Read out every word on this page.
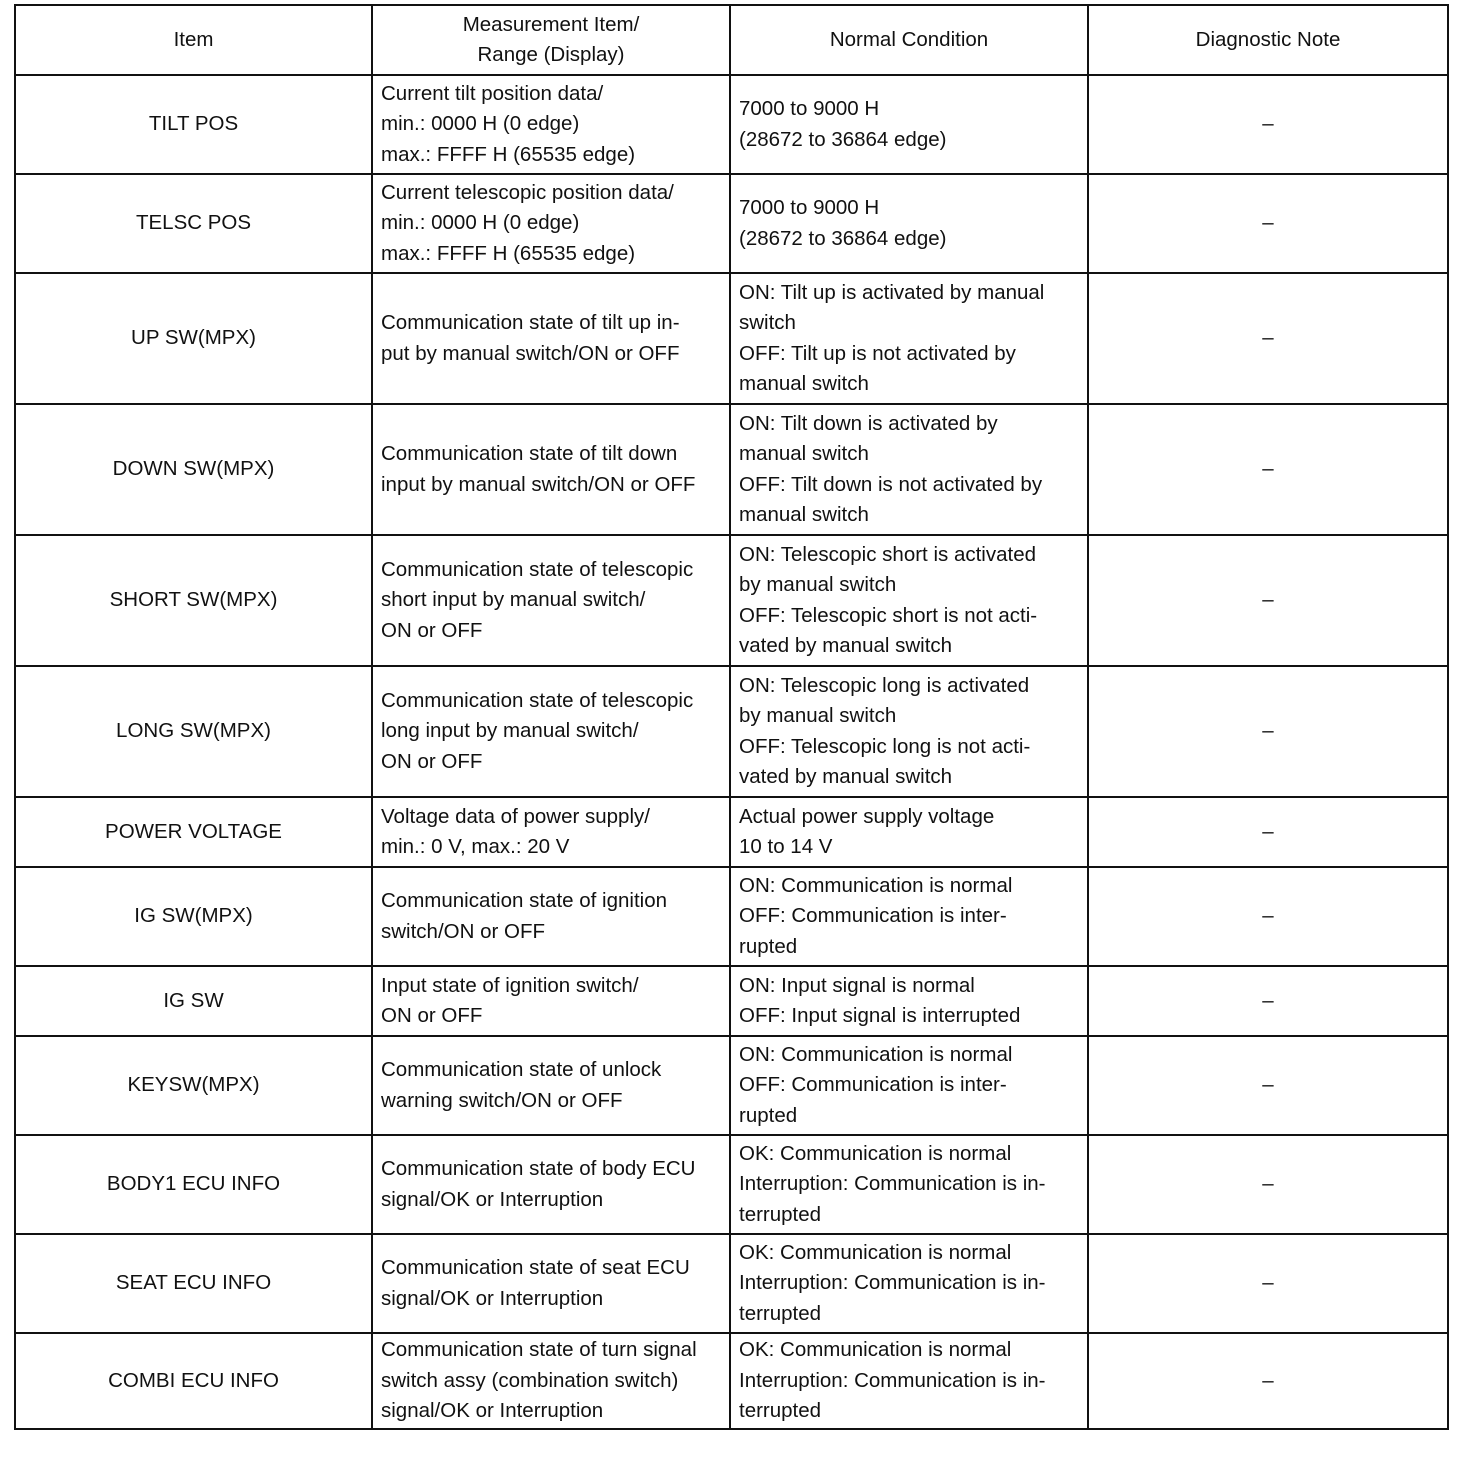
Item	Measurement Item/
Range (Display)	Normal Condition	Diagnostic Note

TILT POS	Current tilt position data/
min.: 0000 H (0 edge)
max.: FFFF H (65535 edge)	7000 to 9000 H
(28672 to 36864 edge)	–

TELSC POS	Current telescopic position data/
min.: 0000 H (0 edge)
max.: FFFF H (65535 edge)	7000 to 9000 H
(28672 to 36864 edge)	–

UP SW(MPX)	Communication state of tilt up in-
put by manual switch/ON or OFF	ON: Tilt up is activated by manual
switch
OFF: Tilt up is not activated by
manual switch	–

DOWN SW(MPX)	Communication state of tilt down
input by manual switch/ON or OFF	ON: Tilt down is activated by
manual switch
OFF: Tilt down is not activated by
manual switch	–

SHORT SW(MPX)	Communication state of telescopic
short input by manual switch/
ON or OFF	ON: Telescopic short is activated
by manual switch
OFF: Telescopic short is not acti-
vated by manual switch	–

LONG SW(MPX)	Communication state of telescopic
long input by manual switch/
ON or OFF	ON: Telescopic long is activated
by manual switch
OFF: Telescopic long is not acti-
vated by manual switch	–

POWER VOLTAGE	Voltage data of power supply/
min.: 0 V, max.: 20 V	Actual power supply voltage
10 to 14 V	–

IG SW(MPX)	Communication state of ignition
switch/ON or OFF	ON: Communication is normal
OFF: Communication is inter-
rupted	–

IG SW	Input state of ignition switch/
ON or OFF	ON: Input signal is normal
OFF: Input signal is interrupted	–

KEYSW(MPX)	Communication state of unlock
warning switch/ON or OFF	ON: Communication is normal
OFF: Communication is inter-
rupted	–

BODY1 ECU INFO	Communication state of body ECU
signal/OK or Interruption	OK: Communication is normal
Interruption: Communication is in-
terrupted	–

SEAT ECU INFO	Communication state of seat ECU
signal/OK or Interruption	OK: Communication is normal
Interruption: Communication is in-
terrupted	–

COMBI ECU INFO	Communication state of turn signal
switch assy (combination switch)
signal/OK or Interruption	OK: Communication is normal
Interruption: Communication is in-
terrupted	–
